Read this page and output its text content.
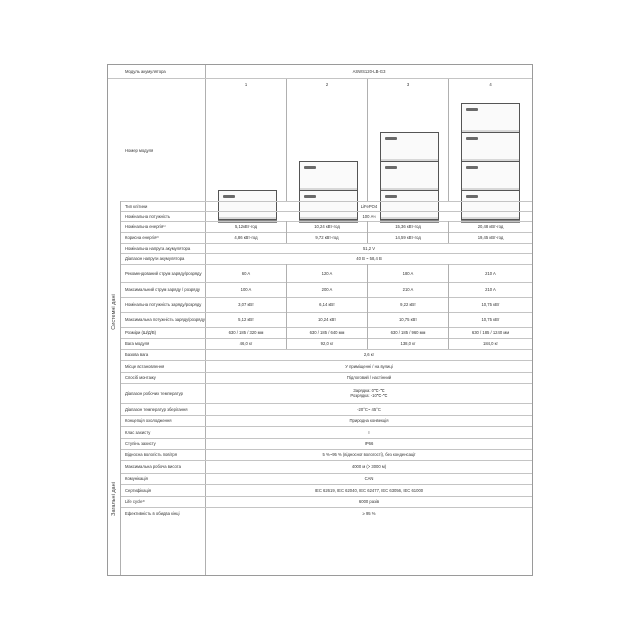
Системні дані
Загальні дані
Модуль акумулятора	ASWS120-LB-G3
1	2	3	4
Номер модуля
Тип клітини	LiFePO4
Номінальна потужність	100 Ач
Номінальна енергія¹⁾	5,12кВт-год	10,24 кВт-год	15,36 кВт-год	20,48 кВт-год
Корисна енергія²⁾	4,86 кВт-год	9,72 кВт-год	14,59 кВт-год	19,45 кВт-год
Номінальна напруга акумулятора	51,2 V
Діапазон напруги акумулятора	40 В ~ 58,4 В
Рекомендований струм заряду/розряду	60 A	120 A	180 A	210 A
Максимальний струм заряду / розряду	100 A	200 A	210 A	210 A
Номінальна потужність заряду/розряду	3,07 кВт	6,14 кВт	9,22 кВт	10,75 кВт
Максимальна потужність заряду/розряду	5,12 кВт	10,24 кВт	10,75 кВт	10,75 кВт
Розміри (Ш/Д/В)	630 / 185 / 320 мм	630 / 185 / 640 мм	630 / 185 / 960 мм	630 / 185 / 1240 мм
Вага модуля	46,0 кг	92,0 кг	138,0 кг	184,0 кг
Базова вага	2,6 кг
Місце встановлення	У приміщенні / на вулиці
Спосіб монтажу	Підлоговий / настінний
Діапазон робочих температур	Зарядка: 0℃-℃
Розрядка: -10℃-℃
Діапазон температур зберігання	-20°C~ 45°C
Концепція охолодження	Природна конвекція
Клас захисту	Ⅰ
Ступінь захисту	IP66
Відносна вологість повітря	5 %~95 % (відносної вологості), без конденсації
Максимальна робоча висота	4000 м (> 3000 м)
Комунікація	CAN
Сертифікація	IEC 62619, IEC 62040, IEC 62477, IEC 63056, IEC 61000
Life cycle³⁾	6000 разів
Ефективність в обидва кінці	≥ 95 %
